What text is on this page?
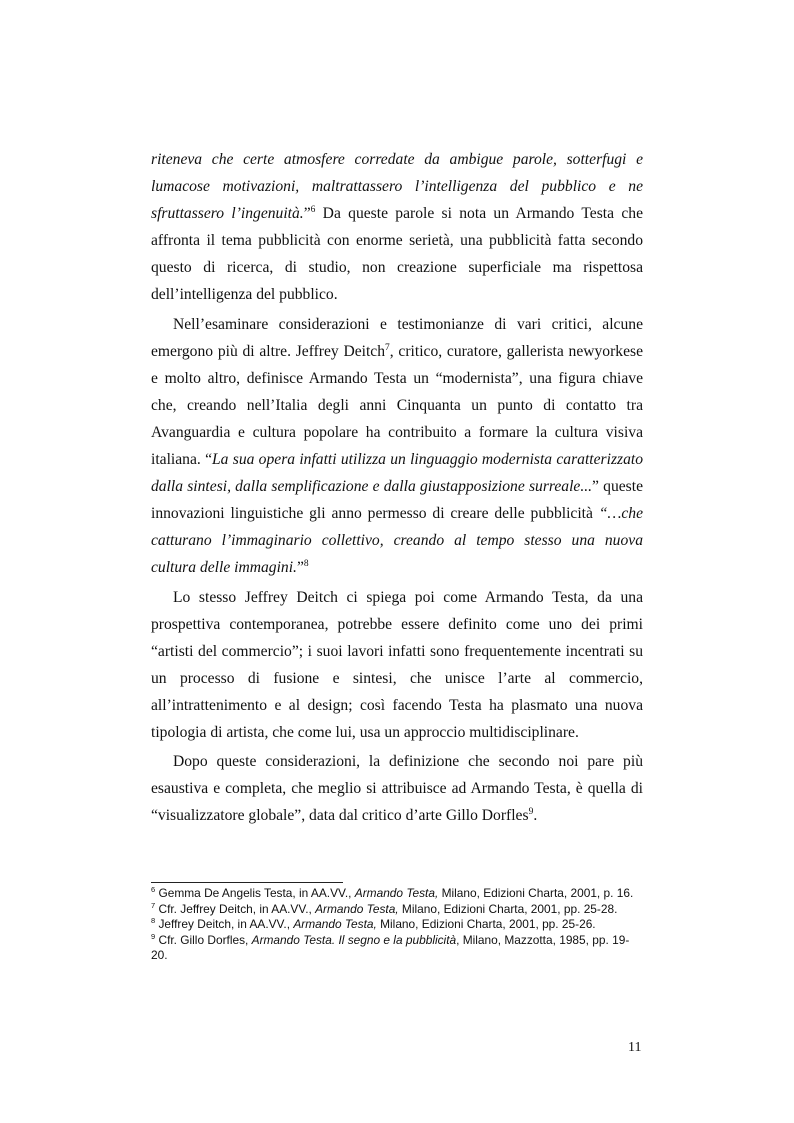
riteneva che certe atmosfere corredate da ambigue parole, sotterfugi e lumacose motivazioni, maltrattassero l’intelligenza del pubblico e ne sfruttassero l’ingenuità.”$^6$ Da queste parole si nota un Armando Testa che affronta il tema pubblicità con enorme serietà, una pubblicità fatta secondo questo di ricerca, di studio, non creazione superficiale ma rispettosa dell’intelligenza del pubblico.

Nell’esaminare considerazioni e testimonianze di vari critici, alcune emergono più di altre. Jeffrey Deitch$^7$, critico, curatore, gallerista newyorkese e molto altro, definisce Armando Testa un “modernista”, una figura chiave che, creando nell’Italia degli anni Cinquanta un punto di contatto tra Avanguardia e cultura popolare ha contribuito a formare la cultura visiva italiana. “La sua opera infatti utilizza un linguaggio modernista caratterizzato dalla sintesi, dalla semplificazione e dalla giustapposizione surreale...” queste innovazioni linguistiche gli anno permesso di creare delle pubblicità “…che catturano l’immaginario collettivo, creando al tempo stesso una nuova cultura delle immagini.”$^8$

Lo stesso Jeffrey Deitch ci spiega poi come Armando Testa, da una prospettiva contemporanea, potrebbe essere definito come uno dei primi “artisti del commercio”; i suoi lavori infatti sono frequentemente incentrati su un processo di fusione e sintesi, che unisce l’arte al commercio, all’intrattenimento e al design; così facendo Testa ha plasmato una nuova tipologia di artista, che come lui, usa un approccio multidisciplinare.

Dopo queste considerazioni, la definizione che secondo noi pare più esaustiva e completa, che meglio si attribuisce ad Armando Testa, è quella di “visualizzatore globale”, data dal critico d’arte Gillo Dorfles$^9$.

$^6$ Gemma De Angelis Testa, in AA.VV., Armando Testa, Milano, Edizioni Charta, 2001, p. 16.

$^7$ Cfr. Jeffrey Deitch, in AA.VV., Armando Testa, Milano, Edizioni Charta, 2001, pp. 25-28.

$^8$ Jeffrey Deitch, in AA.VV., Armando Testa, Milano, Edizioni Charta, 2001, pp. 25-26.

$^9$ Cfr. Gillo Dorfles, Armando Testa. Il segno e la pubblicità, Milano, Mazzotta, 1985, pp. 19-20.

11
